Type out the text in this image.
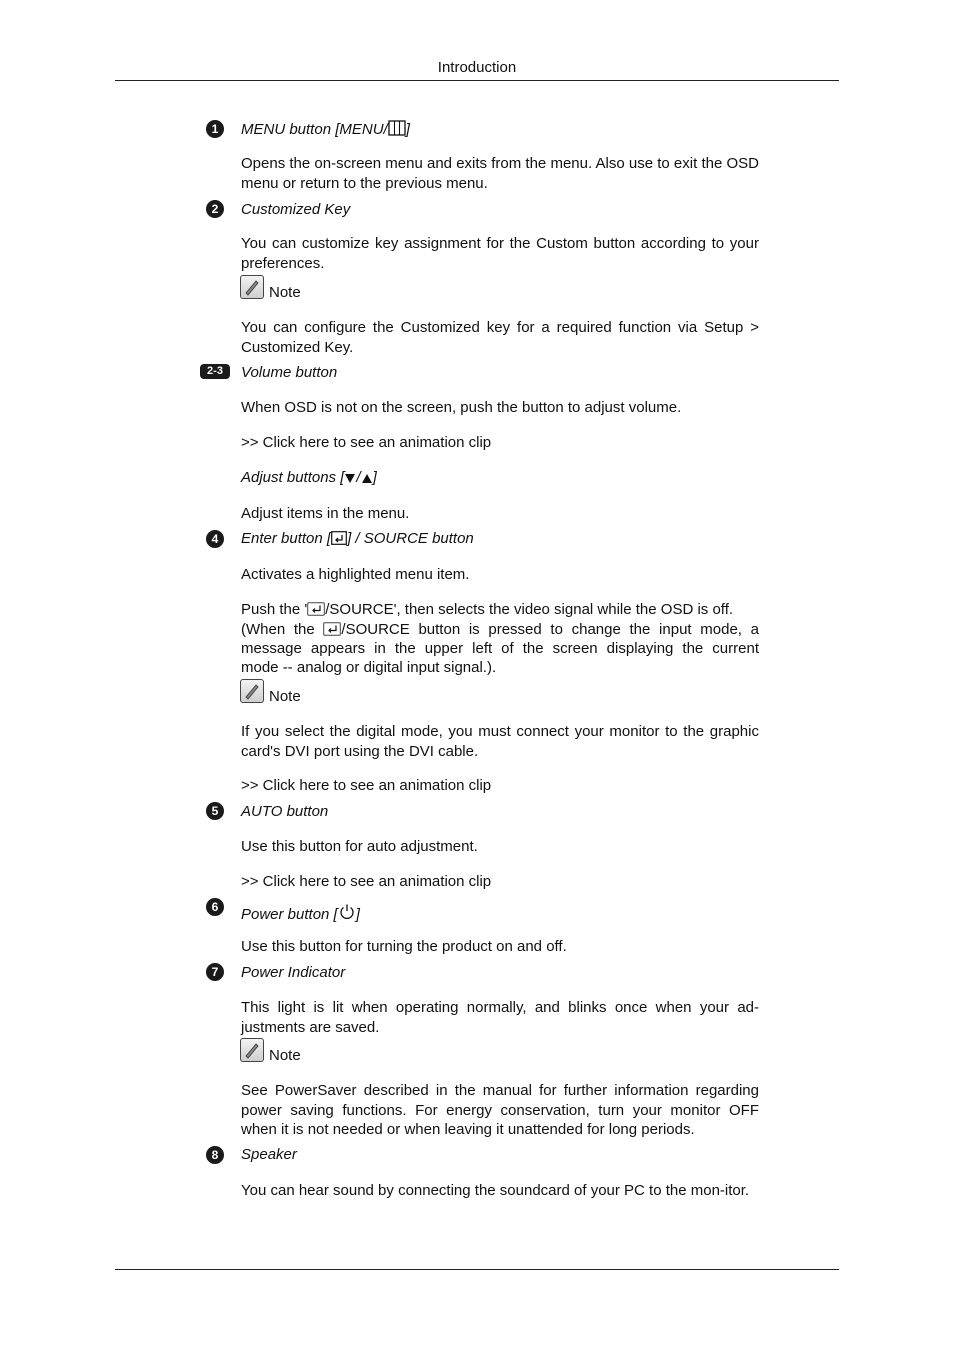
Introduction
1	MENU button [MENU/ ]
Opens the on-screen menu and exits from the menu. Also use to exit the OSD menu or return to the previous menu.
2	Customized Key
You can customize key assignment for the Custom button according to your preferences.
Note
You can configure the Customized key for a required function via Setup > Customized Key.
2-3	Volume button
When OSD is not on the screen, push the button to adjust volume.
>> Click here to see an animation clip
Adjust buttons [ / ]
Adjust items in the menu.
4	Enter button [ ] / SOURCE button
Activates a highlighted menu item.
Push the ' /SOURCE', then selects the video signal while the OSD is off.
(When the /SOURCE button is pressed to change the input mode, a
message appears in the upper left of the screen displaying the current
mode -- analog or digital input signal.).
Note
If you select the digital mode, you must connect your monitor to the graphic card's DVI port using the DVI cable.
>> Click here to see an animation clip
5	AUTO button
Use this button for auto adjustment.
>> Click here to see an animation clip
6	Power button [ ]
Use this button for turning the product on and off.
7	Power Indicator
This light is lit when operating normally, and blinks once when your ad-justments are saved.
Note
See PowerSaver described in the manual for further information regarding power saving functions. For energy conservation, turn your monitor OFF when it is not needed or when leaving it unattended for long periods.
8	Speaker
You can hear sound by connecting the soundcard of your PC to the mon-itor.
